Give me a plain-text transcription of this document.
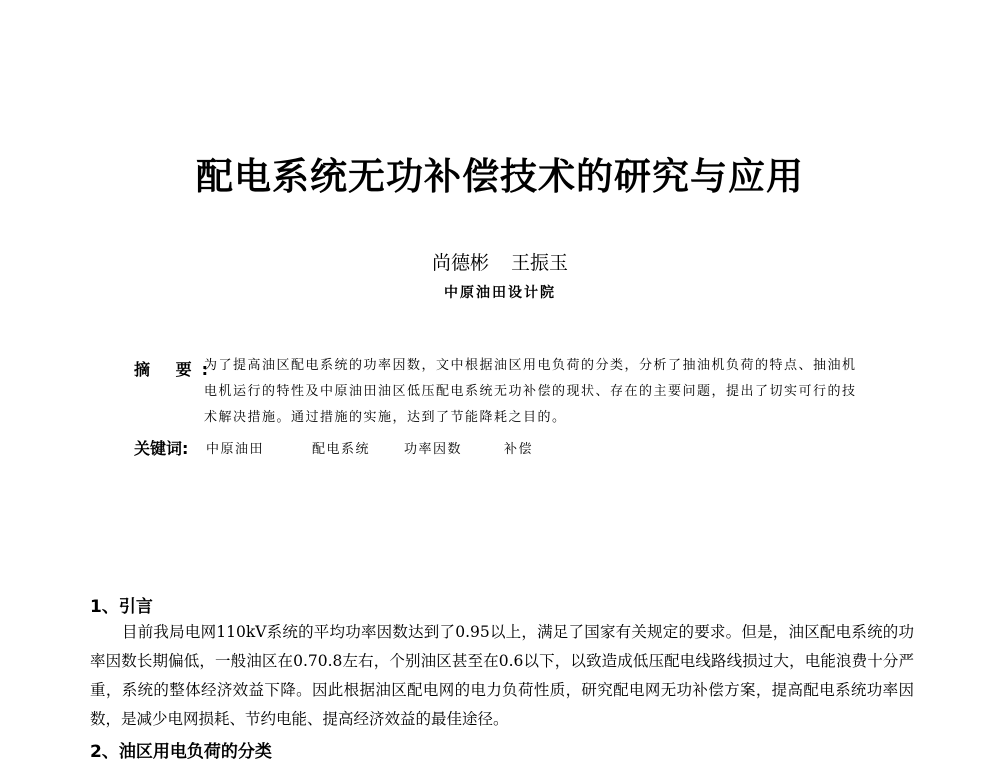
配电系统无功补偿技术的研究与应用
尚德彬 王振玉
中原油田设计院
摘 要:
为了提高油区配电系统的功率因数，文中根据油区用电负荷的分类，分析了抽油机负荷的特点、抽油机电机运行的特性及中原油田油区低压配电系统无功补偿的现状、存在的主要问题，提出了切实可行的技术解决措施。通过措施的实施，达到了节能降耗之目的。
关键词: 中原油田	配电系统	功率因数	补偿
1、引言
目前我局电网110kV系统的平均功率因数达到了0.95以上，满足了国家有关规定的要求。但是，油区配电系统的功率因数长期偏低，一般油区在0.70.8左右，个别油区甚至在0.6以下，以致造成低压配电线路线损过大，电能浪费十分严重，系统的整体经济效益下降。因此根据油区配电网的电力负荷性质，研究配电网无功补偿方案，提高配电系统功率因数，是减少电网损耗、节约电能、提高经济效益的最佳途径。
2、油区用电负荷的分类
